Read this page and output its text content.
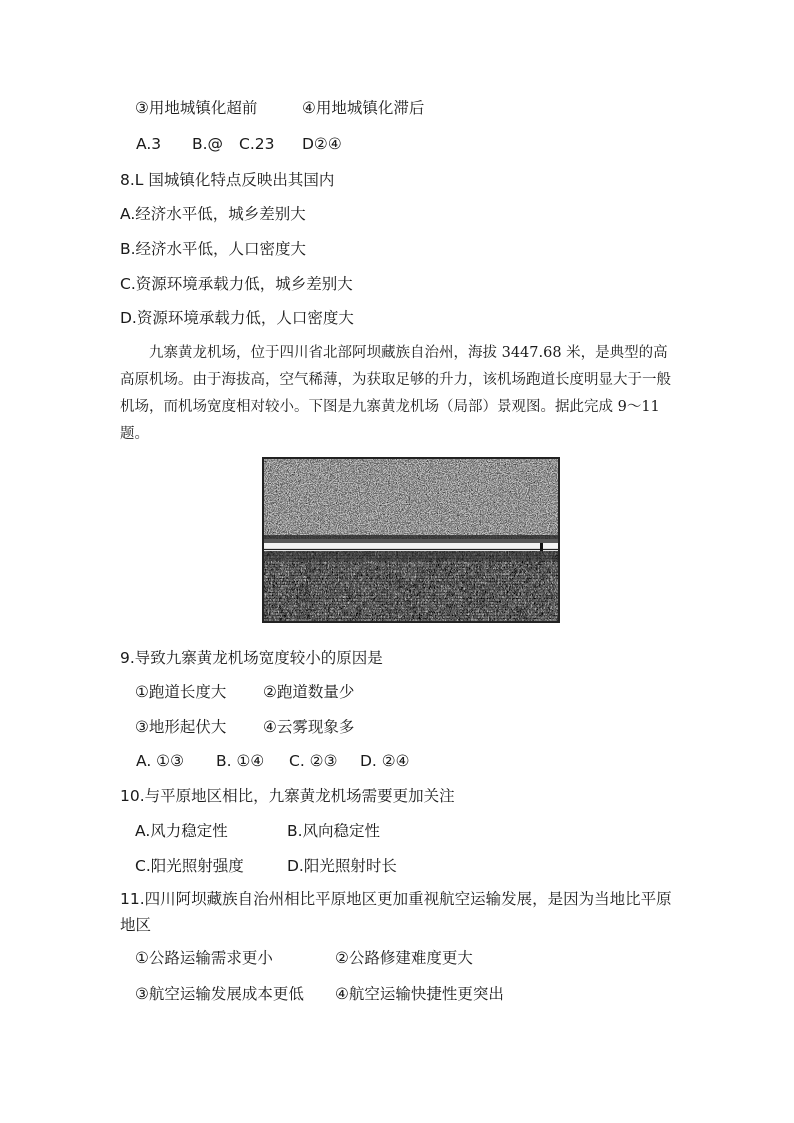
③用地城镇化超前	④用地城镇化滞后
A.3 B.@ C.23 D②④
8.L 国城镇化特点反映出其国内
A.经济水平低，城乡差别大
B.经济水平低，人口密度大
C.资源环境承载力低，城乡差别大
D.资源环境承载力低，人口密度大

九寨黄龙机场，位于四川省北部阿坝藏族自治州，海拔 3447.68 米，是典型的高高原机场。由于海拔高，空气稀薄，为获取足够的升力，该机场跑道长度明显大于一般机场，而机场宽度相对较小。下图是九寨黄龙机场（局部）景观图。据此完成 9～11 题。

9.导致九寨黄龙机场宽度较小的原因是
①跑道长度大 ②跑道数量少
③地形起伏大 ④云雾现象多
A. ①③ B. ①④ C. ②③ D. ②④
10.与平原地区相比，九寨黄龙机场需要更加关注
A.风力稳定性	B.风向稳定性
C.阳光照射强度	D.阳光照射时长
11.四川阿坝藏族自治州相比平原地区更加重视航空运输发展，是因为当地比平原地区
①公路运输需求更小	②公路修建难度更大
③航空运输发展成本更低 ④航空运输快捷性更突出
